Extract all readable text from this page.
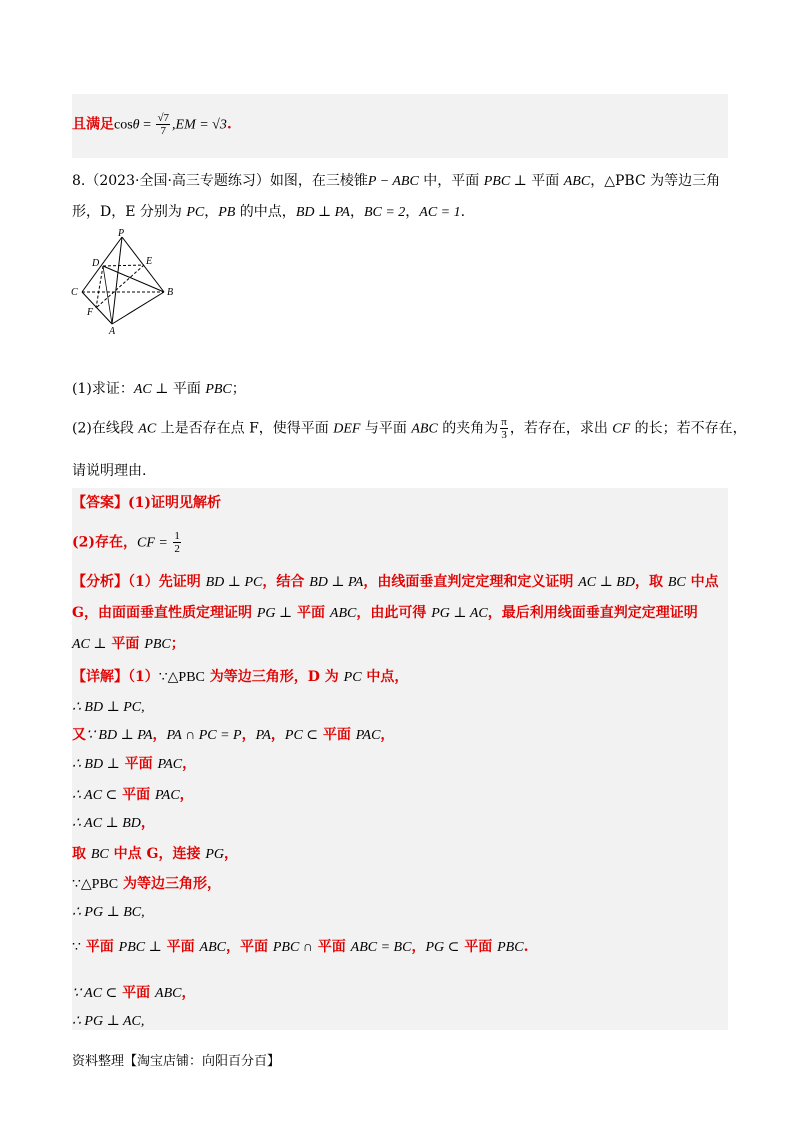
且满足$\cos\theta = \frac{√7}{7} ,EM = √3$.
8.（2023·全国·高三专题练习）如图，在三棱锥P − ABC 中，平面 PBC ⊥ 平面 ABC，△PBC 为等边三角
形，D，E 分别为 PC，PB 的中点，BD ⊥ PA，BC = 2，AC = 1.
P
D	E
C	B
F
A
(1)求证：AC ⊥ 平面 PBC；
(2)在线段 AC 上是否存在点 F，使得平面 DEF 与平面 ABC 的夹角为 $\frac{\pi}{3}$ ，若存在，求出 CF 的长；若不存在，
请说明理由.
【答案】(1)证明见解析
(2)存在，CF = $\frac{1}{2}$
【分析】（1）先证明 BD ⊥ PC，结合 BD ⊥ PA，由线面垂直判定定理和定义证明 AC ⊥ BD，取 BC 中点
G，由面面垂直性质定理证明 PG ⊥ 平面 ABC，由此可得 PG ⊥ AC，最后利用线面垂直判定定理证明
AC ⊥ 平面 PBC；
【详解】（1）∵△PBC 为等边三角形，D 为 PC 中点，
∴ BD ⊥ PC,
又∵ BD ⊥ PA，PA ∩ PC = P，PA，PC ⊂ 平面 PAC，
∴ BD ⊥ 平面 PAC，
∴ AC ⊂ 平面 PAC，
∴ AC ⊥ BD，
取 BC 中点 G，连接 PG，
∵△PBC 为等边三角形，
∴ PG ⊥ BC,
∵ 平面 PBC ⊥ 平面 ABC，平面 PBC ∩ 平面 ABC = BC，PG ⊂ 平面 PBC.
∵ AC ⊂ 平面 ABC，
∴ PG ⊥ AC,
资料整理【淘宝店铺：向阳百分百】
